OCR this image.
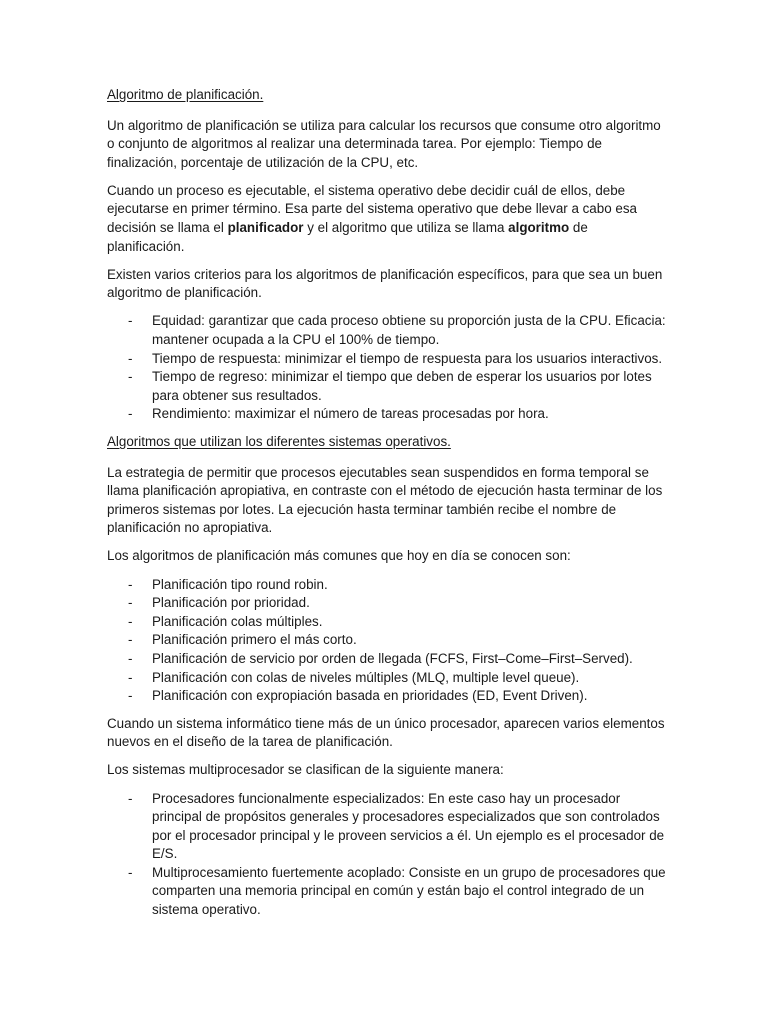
Algoritmo de planificación.

Un algoritmo de planificación se utiliza para calcular los recursos que consume otro algoritmo o conjunto de algoritmos al realizar una determinada tarea. Por ejemplo: Tiempo de finalización, porcentaje de utilización de la CPU, etc.

Cuando un proceso es ejecutable, el sistema operativo debe decidir cuál de ellos, debe ejecutarse en primer término. Esa parte del sistema operativo que debe llevar a cabo esa decisión se llama el planificador y el algoritmo que utiliza se llama algoritmo de planificación.

Existen varios criterios para los algoritmos de planificación específicos, para que sea un buen algoritmo de planificación.

- Equidad: garantizar que cada proceso obtiene su proporción justa de la CPU. Eficacia: mantener ocupada a la CPU el 100% de tiempo.
- Tiempo de respuesta: minimizar el tiempo de respuesta para los usuarios interactivos.
- Tiempo de regreso: minimizar el tiempo que deben de esperar los usuarios por lotes para obtener sus resultados.
- Rendimiento: maximizar el número de tareas procesadas por hora.
Algoritmos que utilizan los diferentes sistemas operativos.

La estrategia de permitir que procesos ejecutables sean suspendidos en forma temporal se llama planificación apropiativa, en contraste con el método de ejecución hasta terminar de los primeros sistemas por lotes. La ejecución hasta terminar también recibe el nombre de planificación no apropiativa.

Los algoritmos de planificación más comunes que hoy en día se conocen son:

- Planificación tipo round robin.
- Planificación por prioridad.
- Planificación colas múltiples.
- Planificación primero el más corto.
- Planificación de servicio por orden de llegada (FCFS, First–Come–First–Served).
- Planificación con colas de niveles múltiples (MLQ, multiple level queue).
- Planificación con expropiación basada en prioridades (ED, Event Driven).

Cuando un sistema informático tiene más de un único procesador, aparecen varios elementos nuevos en el diseño de la tarea de planificación.

Los sistemas multiprocesador se clasifican de la siguiente manera:

- Procesadores funcionalmente especializados: En este caso hay un procesador principal de propósitos generales y procesadores especializados que son controlados por el procesador principal y le proveen servicios a él. Un ejemplo es el procesador de E/S.
- Multiprocesamiento fuertemente acoplado: Consiste en un grupo de procesadores que comparten una memoria principal en común y están bajo el control integrado de un sistema operativo.
